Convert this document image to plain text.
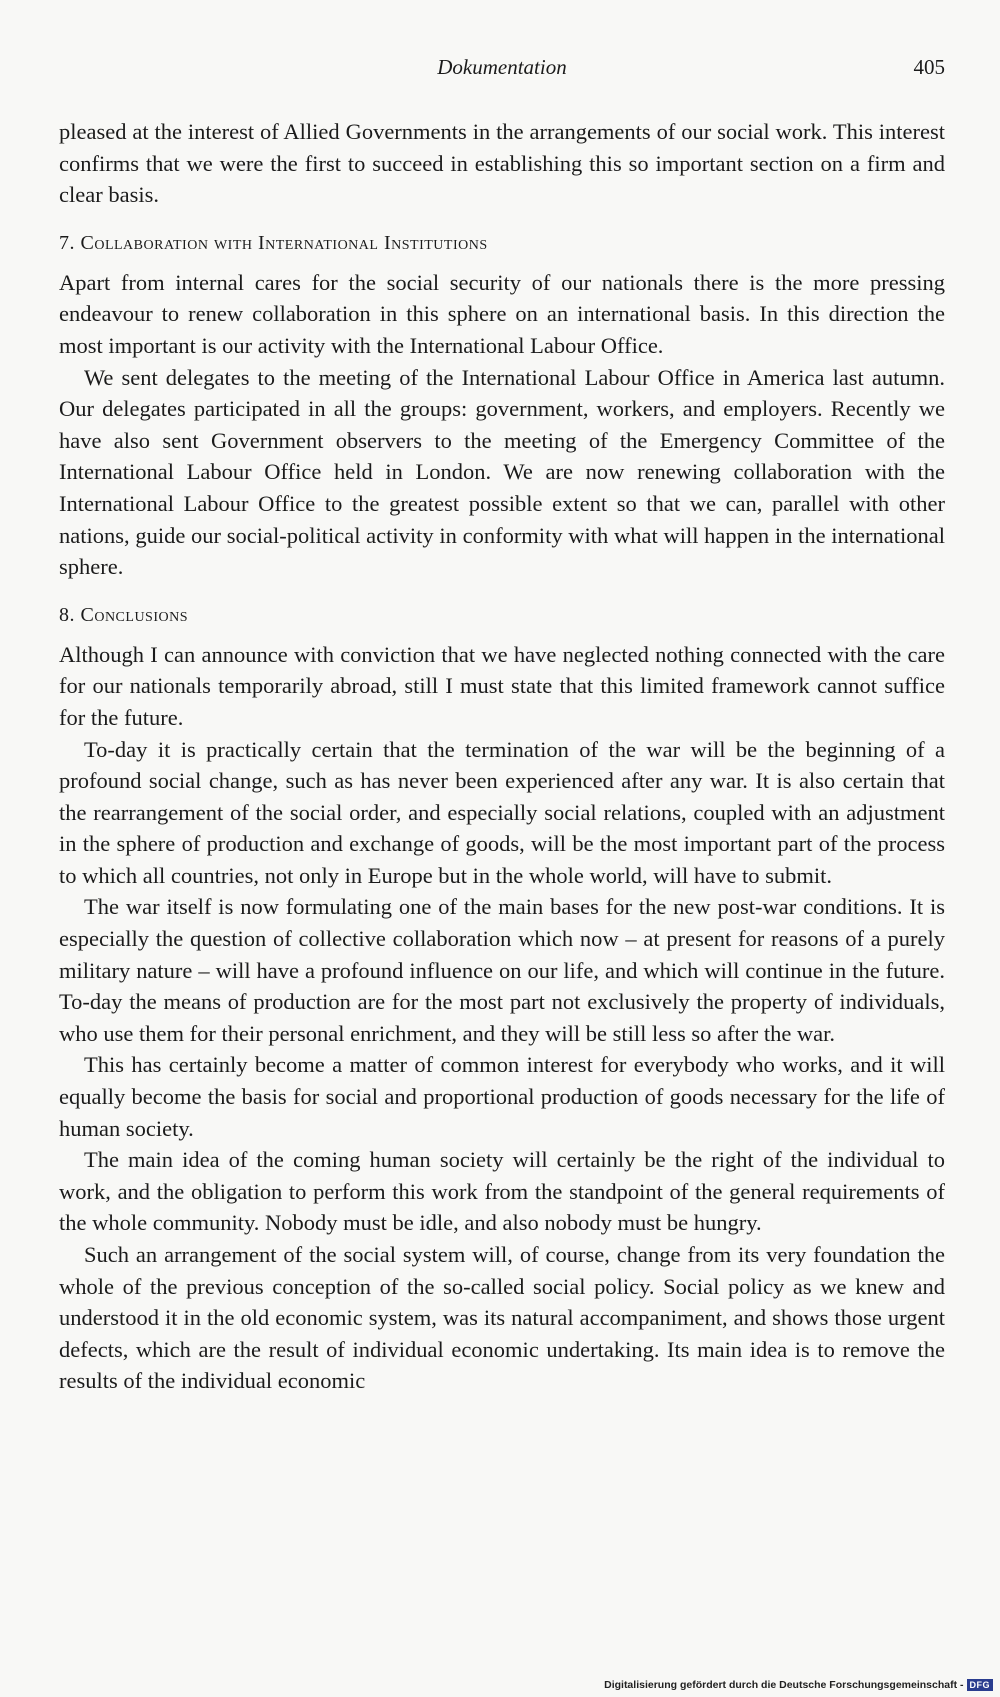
Dokumentation	405

pleased at the interest of Allied Governments in the arrangements of our social work. This interest confirms that we were the first to succeed in establishing this so important section on a firm and clear basis.

7. Collaboration with International Institutions

Apart from internal cares for the social security of our nationals there is the more pressing endeavour to renew collaboration in this sphere on an international basis. In this direction the most important is our activity with the International Labour Office.

We sent delegates to the meeting of the International Labour Office in America last autumn. Our delegates participated in all the groups: government, workers, and employers. Recently we have also sent Government observers to the meeting of the Emergency Committee of the International Labour Office held in London. We are now renewing collaboration with the International Labour Office to the greatest possible extent so that we can, parallel with other nations, guide our social-political activity in conformity with what will happen in the international sphere.

8. Conclusions

Although I can announce with conviction that we have neglected nothing connected with the care for our nationals temporarily abroad, still I must state that this limited framework cannot suffice for the future.

To-day it is practically certain that the termination of the war will be the beginning of a profound social change, such as has never been experienced after any war. It is also certain that the rearrangement of the social order, and especially social relations, coupled with an adjustment in the sphere of production and exchange of goods, will be the most important part of the process to which all countries, not only in Europe but in the whole world, will have to submit.

The war itself is now formulating one of the main bases for the new post-war conditions. It is especially the question of collective collaboration which now – at present for reasons of a purely military nature – will have a profound influence on our life, and which will continue in the future. To-day the means of production are for the most part not exclusively the property of individuals, who use them for their personal enrichment, and they will be still less so after the war.

This has certainly become a matter of common interest for everybody who works, and it will equally become the basis for social and proportional production of goods necessary for the life of human society.

The main idea of the coming human society will certainly be the right of the individual to work, and the obligation to perform this work from the standpoint of the general requirements of the whole community. Nobody must be idle, and also nobody must be hungry.

Such an arrangement of the social system will, of course, change from its very foundation the whole of the previous conception of the so-called social policy. Social policy as we knew and understood it in the old economic system, was its natural accompaniment, and shows those urgent defects, which are the result of individual economic undertaking. Its main idea is to remove the results of the individual economic

Digitalisierung gefördert durch die Deutsche Forschungsgemeinschaft - DFG
